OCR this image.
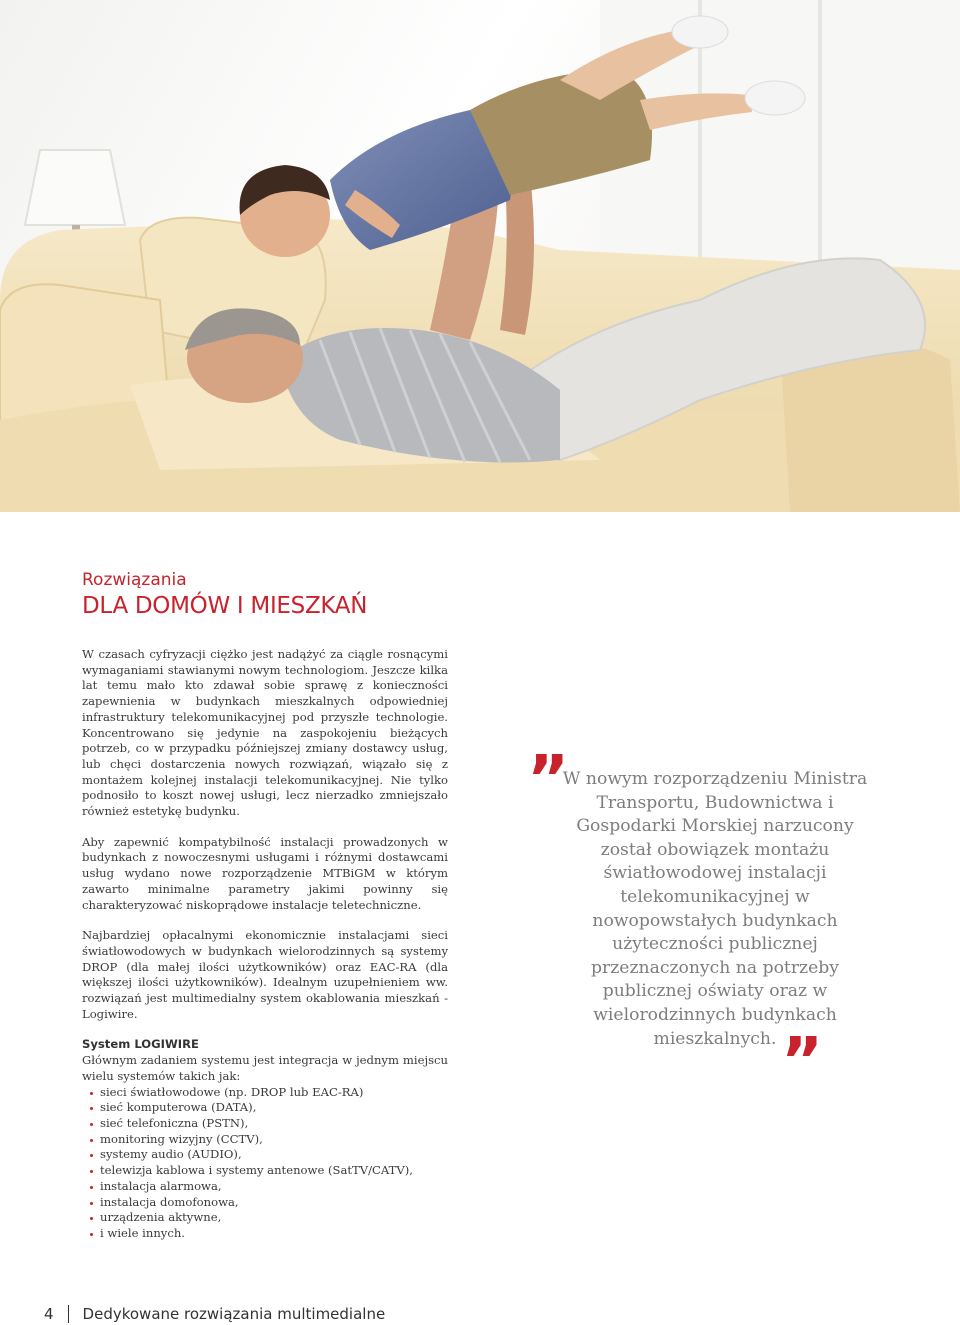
Rozwiązania
DLA DOMÓW I MIESZKAŃ

W czasach cyfryzacji ciężko jest nadążyć za ciągle rosnącymi wymaganiami stawianymi nowym technologiom. Jeszcze kilka lat temu mało kto zdawał sobie sprawę z konieczności zapewnienia w budynkach mieszkalnych odpowiedniej infrastruktury telekomunikacyjnej pod przyszłe technologie. Koncentrowano się jedynie na zaspokojeniu bieżących potrzeb, co w przypadku późniejszej zmiany dostawcy usług, lub chęci dostarczenia nowych rozwiązań, wiązało się z montażem kolejnej instalacji telekomunikacyjnej. Nie tylko podnosiło to koszt nowej usługi, lecz nierzadko zmniejszało również estetykę budynku.

Aby zapewnić kompatybilność instalacji prowadzonych w budynkach z nowoczesnymi usługami i różnymi dostawcami usług wydano nowe rozporządzenie MTBiGM w którym zawarto minimalne parametry jakimi powinny się charakteryzować niskoprądowe instalacje teletechniczne.

Najbardziej opłacalnymi ekonomicznie instalacjami sieci światłowodowych w budynkach wielorodzinnych są systemy DROP (dla małej ilości użytkowników) oraz EAC-RA (dla większej ilości użytkowników). Idealnym uzupełnieniem ww. rozwiązań jest multimedialny system okablowania mieszkań - Logiwire.

System LOGIWIRE
Głównym zadaniem systemu jest integracja w jednym miejscu wielu systemów takich jak:
sieci światłowodowe (np. DROP lub EAC-RA)
sieć komputerowa (DATA),
sieć telefoniczna (PSTN),
monitoring wizyjny (CCTV),
systemy audio (AUDIO),
telewizja kablowa i systemy antenowe (SatTV/CATV),
instalacja alarmowa,
instalacja domofonowa,
urządzenia aktywne,
i wiele innych.
”

W nowym rozporządzeniu Ministra Transportu, Budownictwa i Gospodarki Morskiej narzucony został obowiązek montażu światłowodowej instalacji telekomunikacyjnej w nowopowstałych budynkach użyteczności publicznej przeznaczonych na potrzeby publicznej oświaty oraz w wielorodzinnych budynkach mieszkalnych. ”
4 Dedykowane rozwiązania multimedialne
